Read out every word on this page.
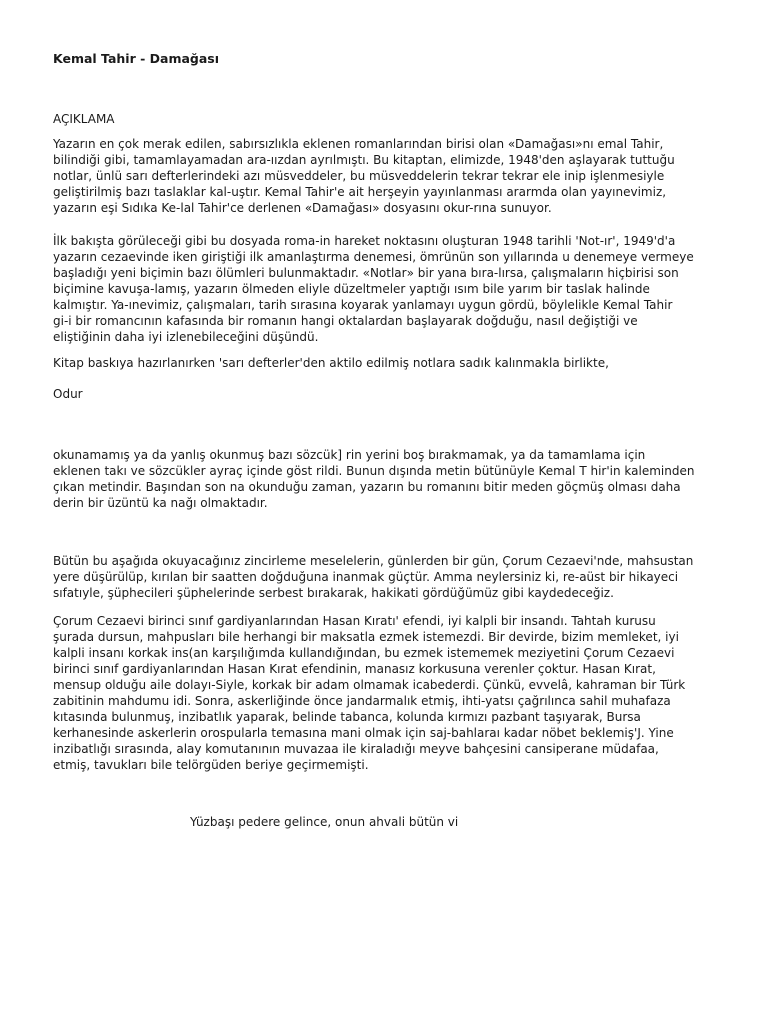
Kemal Tahir - Damağası

AÇIKLAMA

Yazarın en çok merak edilen, sabırsızlıkla eklenen romanlarından birisi olan «Damağası»nı emal Tahir,
bilindiği gibi, tamamlayamadan ara-ıızdan ayrılmıştı. Bu kitaptan, elimizde, 1948'den aşlayarak tuttuğu
notlar, ünlü sarı defterlerindeki azı müsveddeler, bu müsveddelerin tekrar tekrar ele inip işlenmesiyle
geliştirilmiş bazı taslaklar kal-uştır. Kemal Tahir'e ait herşeyin yayınlanması ararmda olan yayınevimiz,
yazarın eşi Sıdıka Ke-lal Tahir'ce derlenen «Damağası» dosyasını okur-rına sunuyor.

İlk bakışta görüleceği gibi bu dosyada roma-in hareket noktasını oluşturan 1948 tarihli 'Not-ır', 1949'd'a
yazarın cezaevinde iken giriştiği ilk amanlaştırma denemesi, ömrünün son yıllarında u denemeye vermeye
başladığı yeni biçimin bazı ölümleri bulunmaktadır. «Notlar» bir yana bıra-lırsa, çalışmaların hiçbirisi son
biçimine kavuşa-lamış, yazarın ölmeden eliyle düzeltmeler yaptığı ısım bile yarım bir taslak halinde
kalmıştır. Ya-ınevimiz, çalışmaları, tarih sırasına koyarak yanlamayı uygun gördü, böylelikle Kemal Tahir
gi-i bir romancının kafasında bir romanın hangi oktalardan başlayarak doğduğu, nasıl değiştiği ve
eliştiğinin daha iyi izlenebileceğini düşündü.

Kitap baskıya hazırlanırken 'sarı defterler'den aktilo edilmiş notlara sadık kalınmakla birlikte,

Odur

okunamamış ya da yanlış okunmuş bazı sözcük] rin yerini boş bırakmamak, ya da tamamlama için
eklenen takı ve sözcükler ayraç içinde göst rildi. Bunun dışında metin bütünüyle Kemal T hir'in kaleminden
çıkan metindir. Başından son na okunduğu zaman, yazarın bu romanını bitir meden göçmüş olması daha
derin bir üzüntü ka nağı olmaktadır.

Bütün bu aşağıda okuyacağınız zincirleme meselelerin, günlerden bir gün, Çorum Cezaevi'nde, mahsustan
yere düşürülüp, kırılan bir saatten doğduğuna inanmak güçtür. Amma neylersiniz ki, re-aüst bir hikayeci
sıfatıyle, şüphecileri şüphelerinde serbest bırakarak, hakikati gördüğümüz gibi kaydedeceğiz.

Çorum Cezaevi birinci sınıf gardiyanlarından Hasan Kıratı' efendi, iyi kalpli bir insandı. Tahtah kurusu
şurada dursun, mahpusları bile herhangi bir maksatla ezmek istemezdi. Bir devirde, bizim memleket, iyi
kalpli insanı korkak ins(an karşılığımda kullandığından, bu ezmek istememek meziyetini Çorum Cezaevi
birinci sınıf gardiyanlarından Hasan Kırat efendinin, manasız korkusuna verenler çoktur. Hasan Kırat,
mensup olduğu aile dolayı-Siyle, korkak bir adam olmamak icabederdi. Çünkü, evvelâ, kahraman bir Türk
zabitinin mahdumu idi. Sonra, askerliğinde önce jandarmalık etmiş, ihti-yatsı çağrılınca sahil muhafaza
kıtasında bulunmuş, inzibatlık yaparak, belinde tabanca, kolunda kırmızı pazbant taşıyarak, Bursa
kerhanesinde askerlerin orospularla temasına mani olmak için saj-bahlaraı kadar nöbet beklemiş'J. Yine
inzibatlığı sırasında, alay komutanının muvazaa ile kiraladığı meyve bahçesini cansiperane müdafaa,
etmiş, tavukları bile telörgüden beriye geçirmemişti.

Yüzbaşı pedere gelince, onun ahvali bütün vi
